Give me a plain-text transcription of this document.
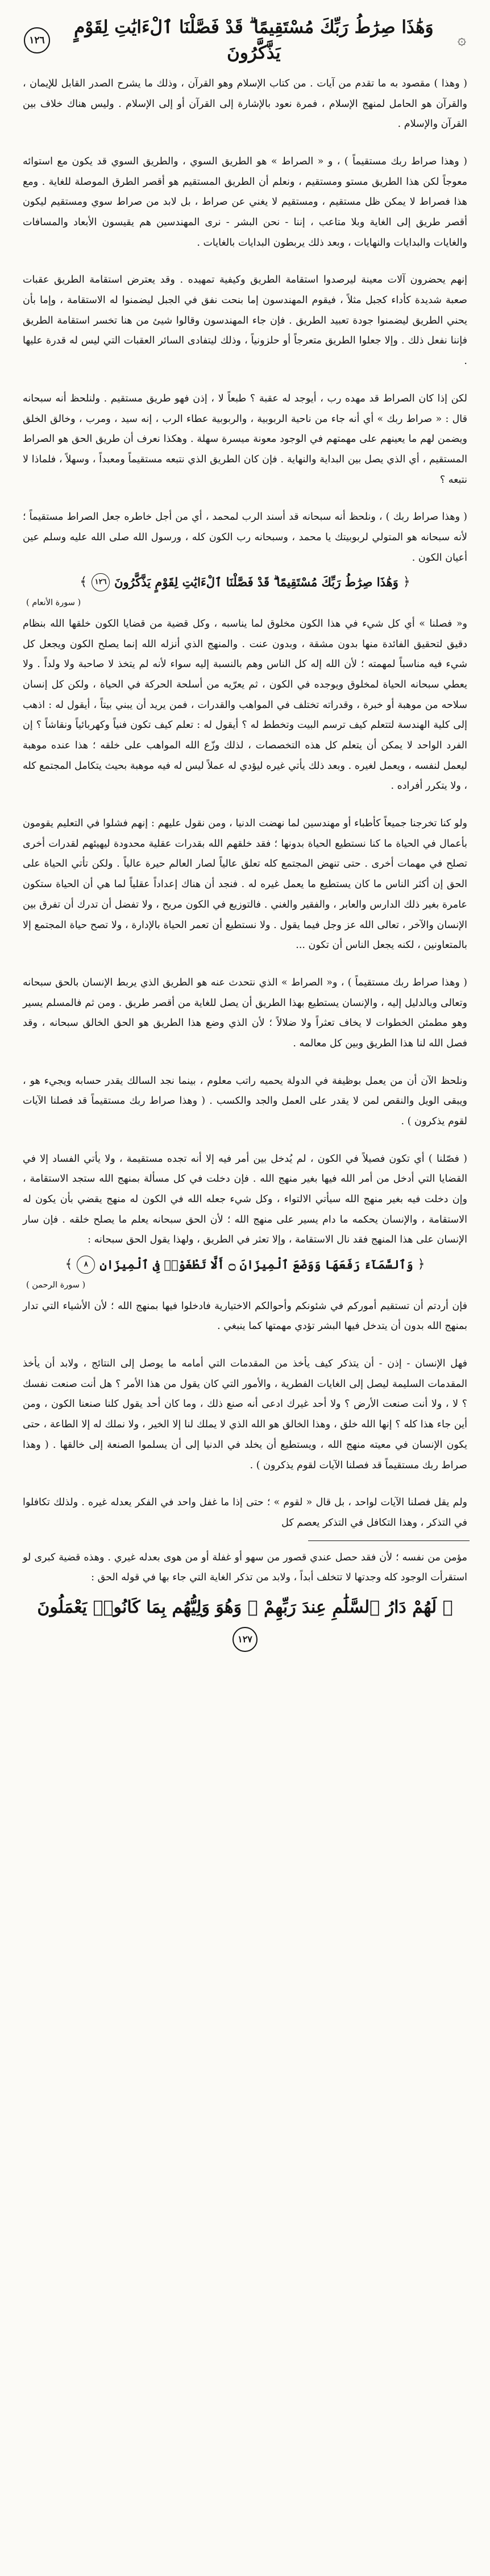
۞
وَهَٰذَا صِرَٰطُ رَبِّكَ مُسْتَقِيمًا ۗ قَدْ فَصَّلْنَا ٱلْءَايَٰتِ لِقَوْمٍ يَذَّكَّرُونَ
١٢٦

( وهذا ) مقصود به ما تقدم من آيات . من كتاب الإسلام وهو القرآن ، وذلك ما يشرح الصدر القابل للإيمان ، والقرآن هو الحامل لمنهج الإسلام ، فمرة نعود بالإشارة إلى القرآن أو إلى الإسلام . وليس هناك خلاف بين القرآن والإسلام .

( وهذا صراط ربك مستقيماً ) ، و « الصراط » هو الطريق السوي ، والطريق السوي قد يكون مع استوائه معوجاً لكن هذا الطريق مستو ومستقيم ، ونعلم أن الطريق المستقيم هو أقصر الطرق الموصلة للغاية . ومع هذا فصراط لا يمكن ظل مستقيم ، ومستقيم لا يغني عن صراط ، بل لابد من صراط سوي ومستقيم ليكون أقصر طريق إلى الغاية وبلا متاعب ، إننا - نحن البشر - نرى المهندسين هم يقيسون الأبعاد والمسافات والغايات والبدايات والنهايات ، وبعد ذلك يربطون البدايات بالغايات .

إنهم يحضرون آلات معينة ليرصدوا استقامة الطريق وكيفية تمهيده . وقد يعترض استقامة الطريق عقبات صعبة شديدة كأداء كجبل مثلاً ، فيقوم المهندسون إما بنحت نفق في الجبل ليضمنوا له الاستقامة ، وإما بأن يحني الطريق ليضمنوا جودة تعبيد الطريق . فإن جاء المهندسون وقالوا شيئ من هنا تخسر استقامة الطريق فإننا نفعل ذلك . وإلا جعلوا الطريق متعرجاً أو حلزونياً ، وذلك ليتفادى السائر العقبات التي ليس له قدرة عليها .

لكن إذا كان الصراط قد مهده رب ، أيوجد له عقبة ؟ طبعاً لا ، إذن فهو طريق مستقيم . ولنلحظ أنه سبحانه قال : « صراط ربك » أي أنه جاء من ناحية الربوبية ، والربوبية عطاء الرب ، إنه سيد ، ومرب ، وخالق الخلق ويضمن لهم ما يعينهم على مهمتهم في الوجود معونة ميسرة سهلة . وهكذا نعرف أن طريق الحق هو الصراط المستقيم ، أي الذي يصل بين البداية والنهاية . فإن كان الطريق الذي نتبعه مستقيماً ومعبداً ، وسهلاً ، فلماذا لا نتبعه ؟

( وهذا صراط ربك ) ، ونلحظ أنه سبحانه قد أسند الرب لمحمد ، أي من أجل خاطره جعل الصراط مستقيماً ؛ لأنه سبحانه هو المتولي لربوبيتك يا محمد ، وسبحانه رب الكون كله ، ورسول الله صلى الله عليه وسلم عين أعيان الكون .

﴿
وَهَٰذَا صِرَٰطُ رَبِّكَ مُسْتَقِيمًا ۗ قَدْ فَصَّلْنَا ٱلْءَايَٰتِ لِقَوْمٍ يَذَّكَّرُونَ
١٢٦
﴾
( سورة الأنعام )

و« فصلنا » أي كل شيء في هذا الكون مخلوق لما يناسبه ، وكل قضية من قضايا الكون خلقها الله بنظام دقيق لتحقيق الفائدة منها بدون مشقة ، وبدون عنت . والمنهج الذي أنزله الله إنما يصلح الكون ويجعل كل شيء فيه مناسباً لمهمته ؛ لأن الله إله كل الناس وهم بالنسبة إليه سواء لأنه لم يتخذ لا صاحبة ولا ولداً . ولا يعطي سبحانه الحياة لمخلوق ويوجده في الكون ، ثم يعرّيه من أسلحة الحركة في الحياة ، ولكن كل إنسان سلاحه من موهبة أو خبرة ، وقدراته تختلف في المواهب والقدرات ، فمن يريد أن يبني بيتاً ، أيقول له : اذهب إلى كلية الهندسة لتتعلم كيف ترسم البيت وتخطط له ؟ أيقول له : تعلم كيف تكون فنياً وكهربائياً ونقاشاً ؟ إن الفرد الواحد لا يمكن أن يتعلم كل هذه التخصصات ، لذلك وزّع الله المواهب على خلقه ؛ هذا عنده موهبة ليعمل لنفسه ، ويعمل لغيره . وبعد ذلك يأتي غيره ليؤدي له عملاً ليس له فيه موهبة بحيث يتكامل المجتمع كله ، ولا يتكرر أفراده .

ولو كنا تخرجنا جميعاً كأطباء أو مهندسين لما نهضت الدنيا ، ومن نقول عليهم : إنهم فشلوا في التعليم يقومون بأعمال في الحياة ما كنا نستطيع الحياة بدونها ؛ فقد خلقهم الله بقدرات عقلية محدودة ليهيئهم لقدرات أخرى تصلح في مهمات أخرى . حتى تنهض المجتمع كله تعلق عالياً لصار العالم حيرة عالياً . ولكن تأتي الحياة على الحق إن أكثر الناس ما كان يستطيع ما يعمل غيره له . فنجد أن هناك إعداداً عقلياً لما هي أن الحياة ستكون عامرة بغير ذلك الدارس والعابر ، والفقير والغني . فالتوزيع في الكون مريح ، ولا تفضل أن تدرك أن تفرق بين الإنسان والآخر ، تعالى الله عز وجل فيما يقول . ولا نستطيع أن تعمر الحياة بالإدارة ، ولا تصح حياة المجتمع إلا بالمتعاونين ، لكنه يجعل الناس أن تكون ...

( وهذا صراط ربك مستقيماً ) ، و« الصراط » الذي نتحدث عنه هو الطريق الذي يربط الإنسان بالحق سبحانه وتعالى وبالدليل إليه ، والإنسان يستطيع بهذا الطريق أن يصل للغاية من أقصر طريق . ومن ثم فالمسلم يسير وهو مطمئن الخطوات لا يخاف تعثراً ولا ضلالاً ؛ لأن الذي وضع هذا الطريق هو الحق الخالق سبحانه ، وقد فصل الله لنا هذا الطريق وبين كل معالمه .

ونلحظ الآن أن من يعمل بوظيفة في الدولة يحميه راتب معلوم ، بينما نجد السالك يقدر حسابه ويجيء هو ، ويبقى الويل والنقص لمن لا يقدر على العمل والجد والكسب . ( وهذا صراط ربك مستقيماً قد فصلنا الآيات لقوم يذكرون ) .

( فصّلنا ) أي تكون فصيلاً في الكون ، لم يُدخل بين أمر فيه إلا أنه تجده مستقيمة ، ولا يأتي الفساد إلا في القضايا التي أدخل من أمر الله فيها بغير منهج الله . فإن دخلت في كل مسألة بمنهج الله ستجد الاستقامة ، وإن دخلت فيه بغير منهج الله سيأتي الالتواء ، وكل شيء جعله الله في الكون له منهج يقضي بأن يكون له الاستقامة ، والإنسان يحكمه ما دام يسير على منهج الله ؛ لأن الحق سبحانه يعلم ما يصلح خلقه . فإن سار الإنسان على هذا المنهج فقد نال الاستقامة ، وإلا تعثر في الطريق ، ولهذا يقول الحق سبحانه :

﴿
وَٱلسَّمَآءَ رَفَعَهَا وَوَضَعَ ٱلْمِيزَانَ ۝ أَلَّا تَطْغَوْا۟ فِى ٱلْمِيزَانِ
٨
﴾
( سورة الرحمن )

فإن أردتم أن تستقيم أموركم في شئونكم وأحوالكم الاختيارية فادخلوا فيها بمنهج الله ؛ لأن الأشياء التي تدار بمنهج الله بدون أن يتدخل فيها البشر تؤدي مهمتها كما ينبغي .

فهل الإنسان - إذن - أن يتذكر كيف يأخذ من المقدمات التي أمامه ما يوصل إلى النتائج ، ولابد أن يأخذ المقدمات السليمة ليصل إلى الغايات الفطرية ، والأمور التي كان يقول من هذا الأمر ؟ هل أنت صنعت نفسك ؟ لا ، ولا أنت صنعت الأرض ؟ ولا أحد غيرك ادعى أنه صنع ذلك ، وما كان أحد يقول كلنا صنعنا الكون ، ومن أين جاء هذا كله ؟ إنها الله خلق ، وهذا الخالق هو الله الذي لا يملك لنا إلا الخير ، ولا نملك له إلا الطاعة ، حتى يكون الإنسان في معيته منهج الله ، ويستطيع أن يخلد في الدنيا إلى أن يسلموا الصنعة إلى خالقها . ( وهذا صراط ربك مستقيماً قد فصلنا الآيات لقوم يذكرون ) .

ولم يقل فصلنا الآيات لواحد ، بل قال « لقوم » ؛ حتى إذا ما غفل واحد في الفكر يعدله غيره . ولذلك تكافلوا في التذكر ، وهذا التكافل في التذكر يعصم كل

مؤمن من نفسه ؛ لأن فقد حصل عندي قصور من سهو أو غفلة أو من هوى بعدله غيري . وهذه قضية كبرى لو استقرأت الوجود كله وجدتها لا تتخلف أبداً ، ولابد من تذكر الغاية التي جاء بها في قوله الحق :

۞ لَهُمْ دَارُ ٱلسَّلَٰمِ عِندَ رَبِّهِمْ ۖ وَهُوَ وَلِيُّهُم بِمَا كَانُوا۟ يَعْمَلُونَ
١٢٧
